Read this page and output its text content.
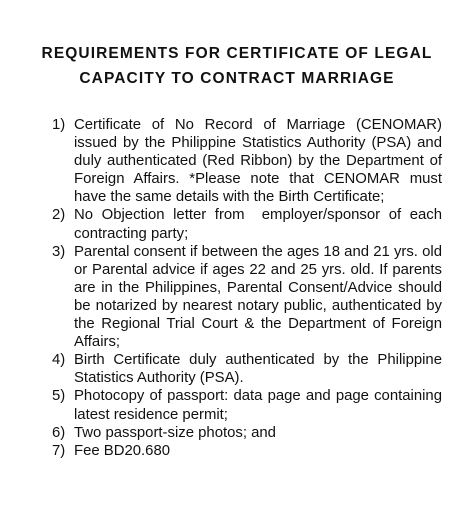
REQUIREMENTS FOR CERTIFICATE OF LEGAL
CAPACITY TO CONTRACT MARRIAGE
1) Certificate of No Record of Marriage (CENOMAR) issued by the Philippine Statistics Authority (PSA) and duly authenticated (Red Ribbon) by the Department of Foreign Affairs. *Please note that CENOMAR must have the same details with the Birth Certificate;
2) No Objection letter from  employer/sponsor of each contracting party;
3) Parental consent if between the ages 18 and 21 yrs. old or Parental advice if ages 22 and 25 yrs. old. If parents are in the Philippines, Parental Consent/Advice should be notarized by nearest notary public, authenticated by the Regional Trial Court & the Department of Foreign Affairs;
4) Birth Certificate duly authenticated by the Philippine Statistics Authority (PSA).
5) Photocopy of passport: data page and page containing latest residence permit;
6) Two passport-size photos; and
7) Fee BD20.680
